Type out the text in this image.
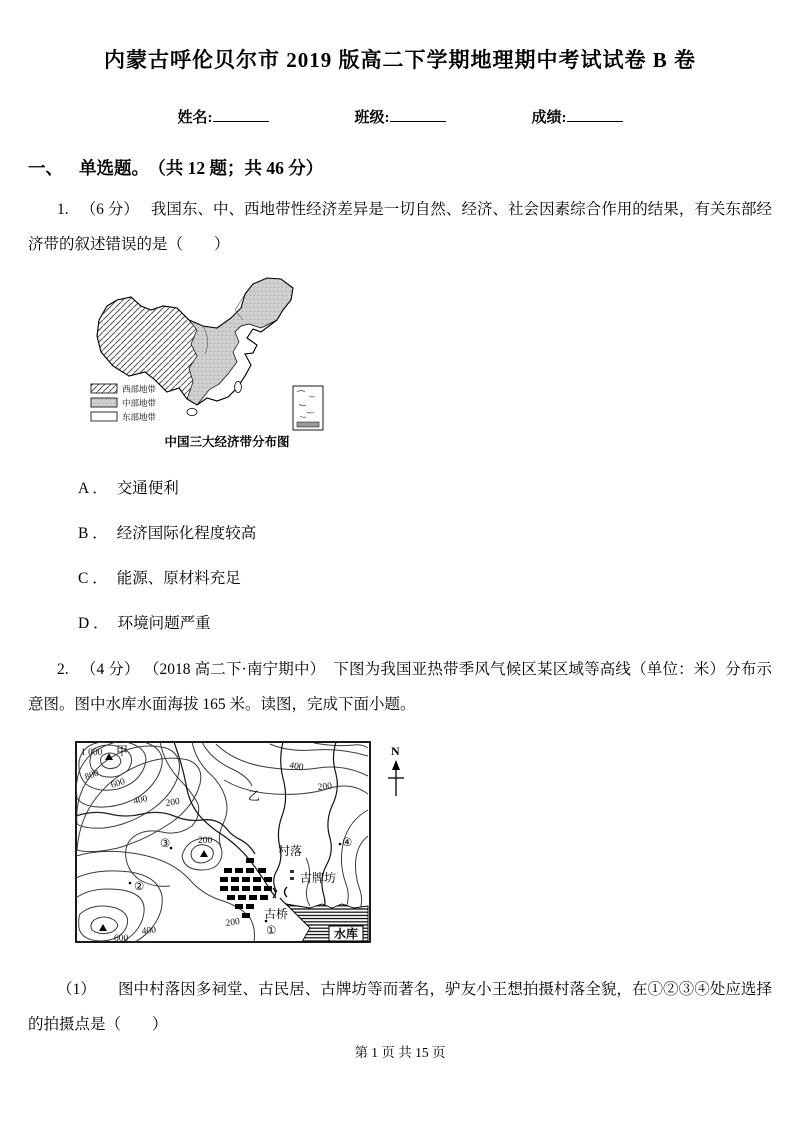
内蒙古呼伦贝尔市 2019 版高二下学期地理期中考试试卷 B 卷
姓名:	班级:	成绩:
一、 单选题。 （共 12 题；共 46 分）

1. （6 分） 我国东、中、西地带性经济差异是一切自然、经济、社会因素综合作用的结果，有关东部经济带的叙述错误的是（　　）

西部地带
中部地带
东部地带
中国三大经济带分布图
A ． 交通便利
B ． 经济国际化程度较高
C ． 能源、原材料充足
D ． 环境问题严重

2. （4 分） （2018 高二下·南宁期中） 下图为我国亚热带季风气候区某区域等高线（单位：米）分布示意图。图中水库水面海拔 165 米。读图，完成下面小题。

水库
1 000
800
600
400 200
400
200
200
200
400
600
甲
乙
村落
古牌坊
古桥
①
②
③	④
N

（1） 图中村落因多祠堂、古民居、古牌坊等而著名，驴友小王想拍摄村落全貌，在①②③④处应选择的拍摄点是（　　）

第 1 页 共 15 页
